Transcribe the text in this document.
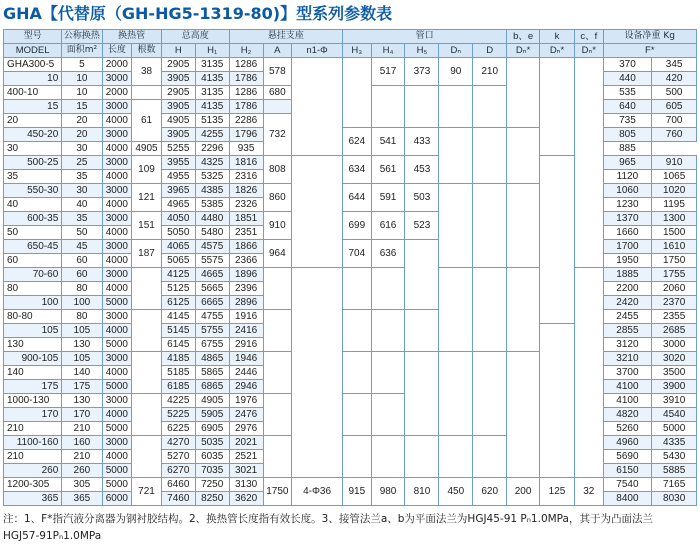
GHA【代替原（GH-HG5-1319-80)】型系列参数表
型号	公称换热	换热管		总高度		悬挂支座			管口					b、e	k	c、f	设备净重 Kg	
MODEL	面积m²	长度	根数	H	H₁	H₂	A	n1-Φ	H₃	H₄	H₅	Dₙ	D	Dₙ*	Dₙ*	Dₙ*	F*	
GHA300-5	5	2000	38	2905	3135	1286	578			517	373	90	210				370	345
10	10	3000		3905	4135	1786											440	420
400-10	10	2000		2905	3135	1286	680										535	500
15	15	3000	61	3905	4135	1786											640	605
20	20	4000		4905	5135	2286	732										735	700
450-20	20	3000		3905	4255	1796			624	541	433						805	760
30	30	4000	4905	5255	2296	935											885	
500-25	25	3000	109	3955	4325	1816	808		634	561	453						965	910
35	35	4000		4955	5325	2316											1120	1065
550-30	30	3000	121	3965	4385	1826	860		644	591	503						1060	1020
40	40	4000		4965	5385	2326											1230	1195
600-35	35	3000	151	4050	4480	1851	910		699	616	523						1370	1300
50	50	4000		5050	5480	2351											1660	1500
650-45	45	3000	187	4065	4575	1866	964		704	636							1700	1610
60	60	4000		5065	5575	2366											1950	1750
70-60	60	3000		4125	4665	1896											1885	1755
80	80	4000		5125	5665	2396											2200	2060
100	100	5000		6125	6665	2896											2420	2370
80-80	80	3000		4145	4755	1916											2455	2355
105	105	4000		5145	5755	2416											2855	2685
130	130	5000		6145	6755	2916											3120	3000
900-105	105	3000		4185	4865	1946											3210	3020
140	140	4000		5185	5865	2446											3700	3500
175	175	5000		6185	6865	2946											4100	3900
1000-130	130	3000		4225	4905	1976											4100	3910
170	170	4000		5225	5905	2476											4820	4540
210	210	5000		6225	6905	2976											5260	5000
1100-160	160	3000		4270	5035	2021											4960	4335
210	210	4000		5270	6035	2521											5690	5430
260	260	5000		6270	7035	3021											6150	5885
1200-305	305	5000	721	6460	7250	3130	1750	4-Φ36	915	980	810	450	620	200	125	32	7540	7165
365	365	6000		7460	8250	3620											8400	8030

注：1、F*指汽液分离器为钢衬胶结构。2、换热管长度指有效长度。3、接管法兰a、b为平面法兰为HGJ45-91 Pₙ1.0MPa，其于为凸面法兰

HGJ57-91Pₙ1.0MPa
